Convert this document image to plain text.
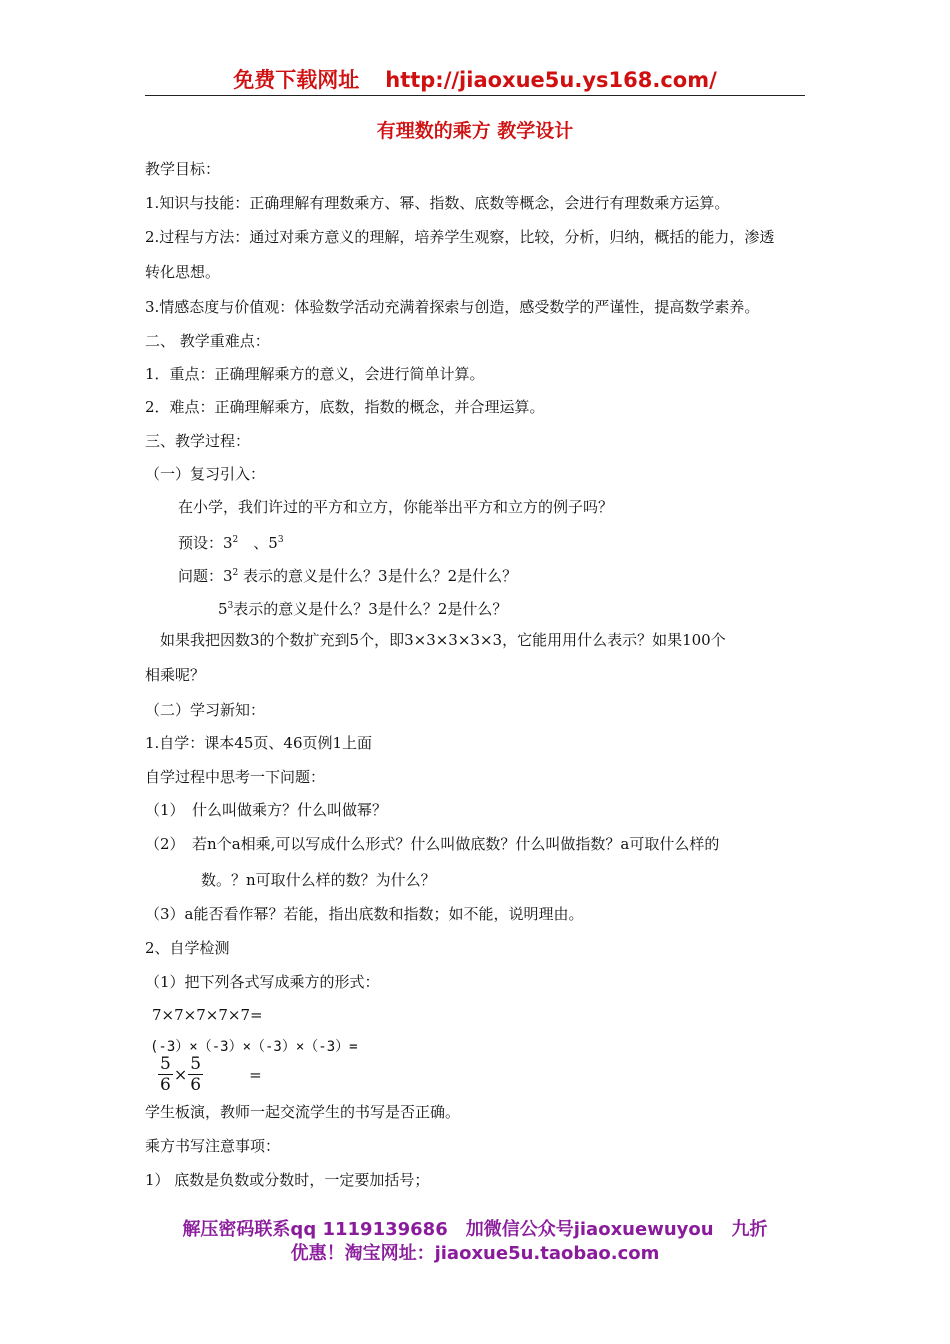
免费下载网址 http://jiaoxue5u.ys168.com/
有理数的乘方 教学设计
教学目标：
1.知识与技能：正确理解有理数乘方、幂、指数、底数等概念，会进行有理数乘方运算。
2.过程与方法：通过对乘方意义的理解，培养学生观察，比较，分析，归纳，概括的能力，渗透
转化思想。
3.情感态度与价值观：体验数学活动充满着探索与创造，感受数学的严谨性，提高数学素养。
二、 教学重难点：
1．重点：正确理解乘方的意义，会进行简单计算。
2．难点：正确理解乘方，底数，指数的概念，并合理运算。
三、教学过程：
（一）复习引入：
在小学，我们许过的平方和立方，你能举出平方和立方的例子吗？
预设：$3^2$　、$5^3$
问题：$3^2$ 表示的意义是什么？3是什么？2是什么？
$5^3$表示的意义是什么？3是什么？2是什么？
如果我把因数3的个数扩充到5个，即3×3×3×3×3，它能用用什么表示？如果100个
相乘呢？
（二）学习新知：
1.自学：课本45页、46页例1上面
自学过程中思考一下问题：
（1）　什么叫做乘方？什么叫做幂？
（2）　若n个a相乘,可以写成什么形式？什么叫做底数？什么叫做指数？a可取什么样的
数。？n可取什么样的数？为什么？
（3）a能否看作幂？若能，指出底数和指数；如不能，说明理由。
2、自学检测
（1）把下列各式写成乘方的形式：
7×7×7×7×7=
(-3）×（-3）×（-3）×（-3）=
$\frac{5}{6} \times \frac{5}{6}$	=
学生板演，教师一起交流学生的书写是否正确。
乘方书写注意事项：
1） 底数是负数或分数时，一定要加括号；
解压密码联系qq 1119139686　加微信公众号jiaoxuewuyou　九折
优惠！淘宝网址：jiaoxue5u.taobao.com
